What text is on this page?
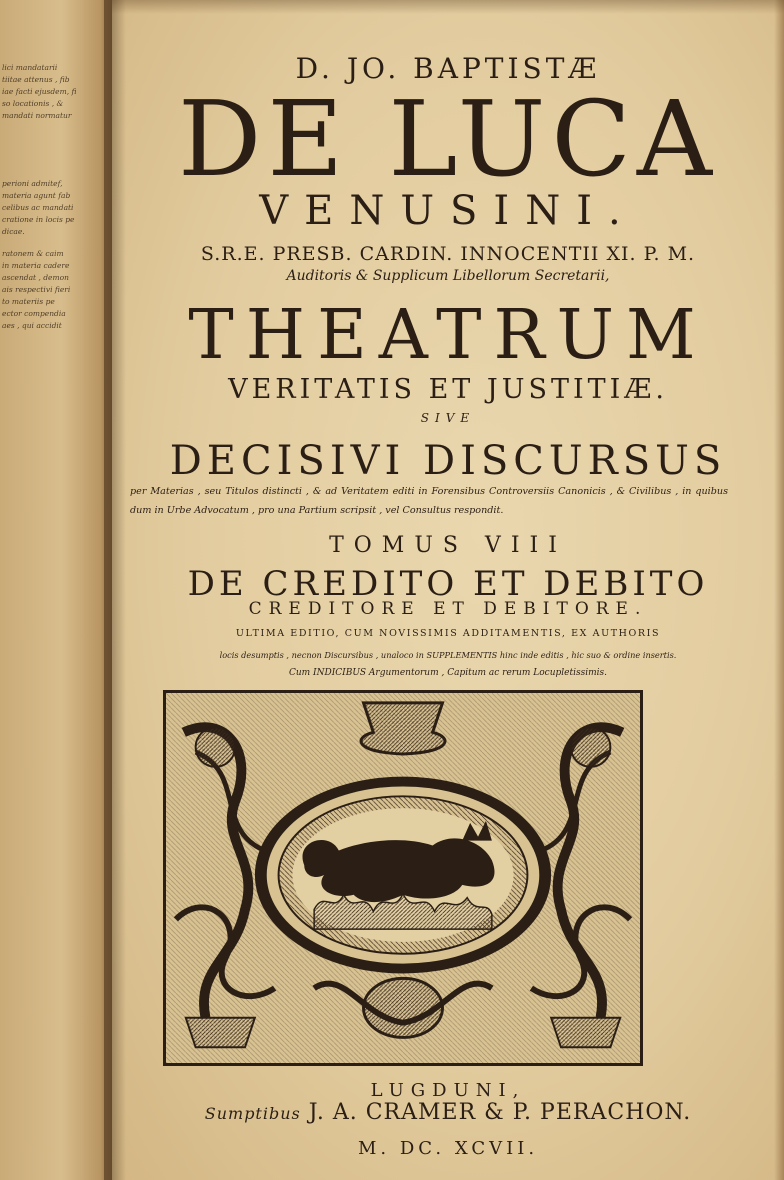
lici mandatarii
tiitae attenus , fib
iae facti ejusdem, fi
so locationis , &
mandati normatur
perioni admitef,
materia agunt fab
celibus ac mandati
cratione in locis pe
dicae.
ratonem & caim
in materia cadere
ascendat , demon
ais respectivi fieri
to materiis pe
ector compendia
aes , qui accidit
D. JO. BAPTISTÆ
DE LUCA
VENUSINI.
S.R.E. PRESB. CARDIN. INNOCENTII XI. P. M.
Auditoris & Supplicum Libellorum Secretarii,
THEATRUM
VERITATIS ET JUSTITIÆ.
SIVE
DECISIVI DISCURSUS
per Materias , seu Titulos distincti , & ad Veritatem editi in Forensibus Controversiis Canonicis , & Civilibus , in quibus dum in Urbe Advocatum , pro una Partium scripsit , vel Consultus respondit.
TOMUS VIII
DE CREDITO ET DEBITO
CREDITORE ET DEBITORE.
ULTIMA EDITIO, CUM NOVISSIMIS ADDITAMENTIS, EX AUTHORIS
locis desumptis , necnon Discursibus , unaloco in SUPPLEMENTIS hinc inde editis , hic suo & ordine insertis.
Cum INDICIBUS Argumentorum , Capitum ac rerum Locupletissimis.
LUGDUNI,
Sumptibus J. A. CRAMER & P. PERACHON.
M. DC. XCVII.
